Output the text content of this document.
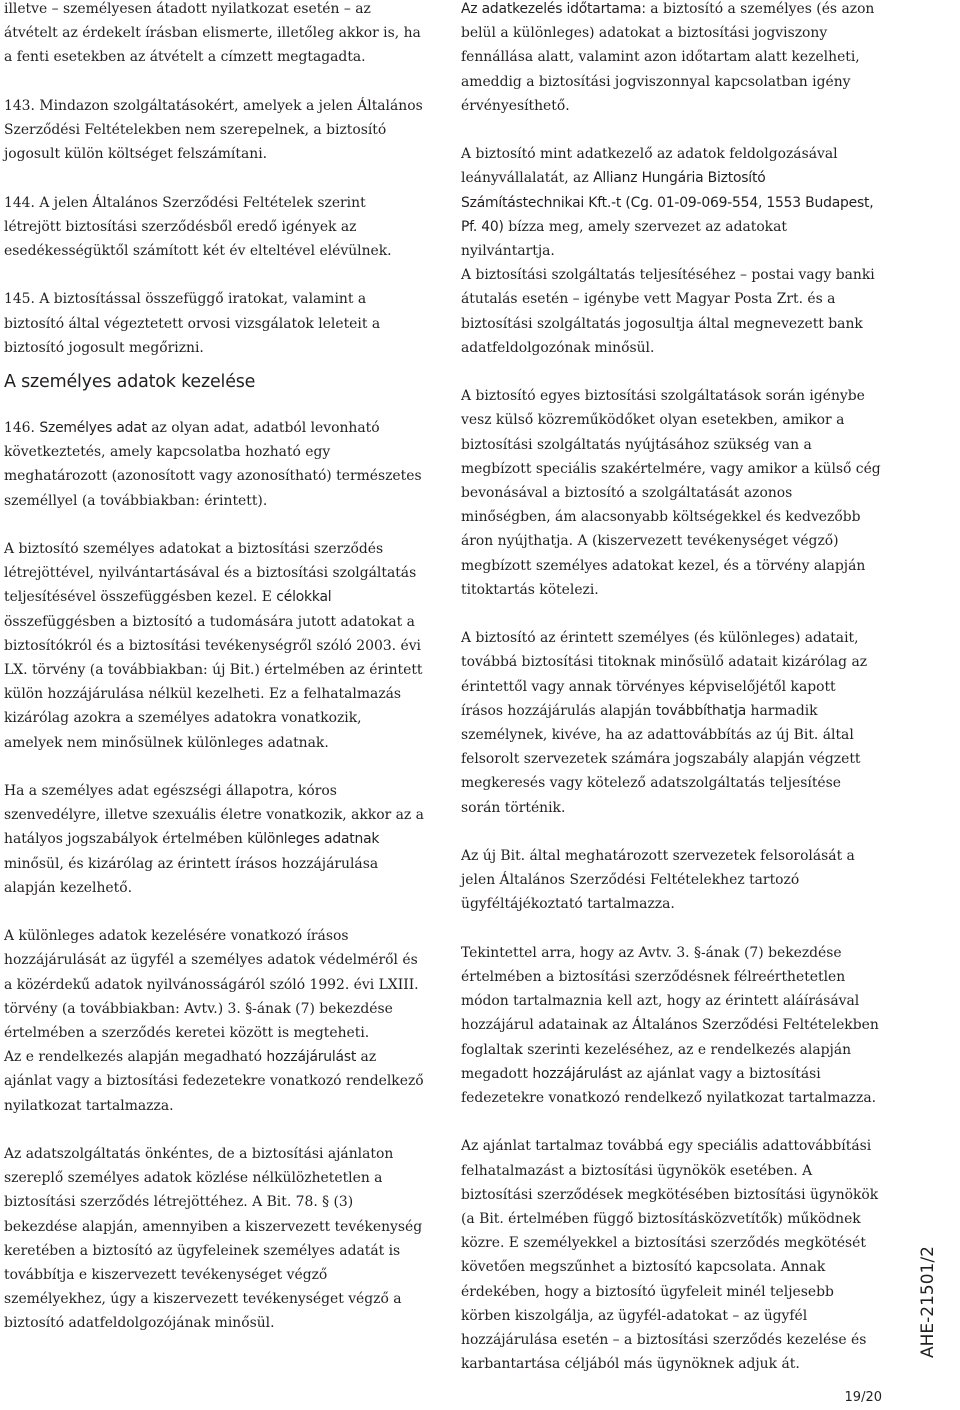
illetve – személyesen átadott nyilatkozat esetén – az átvételt az érdekelt írásban elismerte, illetőleg akkor is, ha a fenti esetekben az átvételt a címzett megtagadta.

143. Mindazon szolgáltatásokért, amelyek a jelen Általános Szerződési Feltételekben nem szerepelnek, a biztosító jogosult külön költséget felszámítani.

144. A jelen Általános Szerződési Feltételek szerint létrejött biztosítási szerződésből eredő igények az esedékességüktől számított két év elteltével elévülnek.

145. A biztosítással összefüggő iratokat, valamint a biztosító által végeztetett orvosi vizsgálatok leleteit a biztosító jogosult megőrizni.

A személyes adatok kezelése

146. Személyes adat az olyan adat, adatból levonható következtetés, amely kapcsolatba hozható egy meghatározott (azonosított vagy azonosítható) természetes személlyel (a továbbiakban: érintett).

A biztosító személyes adatokat a biztosítási szerződés létrejöttével, nyilvántartásával és a biztosítási szolgáltatás teljesítésével összefüggésben kezel. E célokkal összefüggésben a biztosító a tudomására jutott adatokat a biztosítókról és a biztosítási tevékenységről szóló 2003. évi LX. törvény (a továbbiakban: új Bit.) értelmében az érintett külön hozzájárulása nélkül kezelheti. Ez a felhatalmazás kizárólag azokra a személyes adatokra vonatkozik, amelyek nem minősülnek különleges adatnak.

Ha a személyes adat egészségi állapotra, kóros szenvedélyre, illetve szexuális életre vonatkozik, akkor az a hatályos jogszabályok értelmében különleges adatnak minősül, és kizárólag az érintett írásos hozzájárulása alapján kezelhető.

A különleges adatok kezelésére vonatkozó írásos hozzájárulását az ügyfél a személyes adatok védelméről és a közérdekű adatok nyilvánosságáról szóló 1992. évi LXIII. törvény (a továbbiakban: Avtv.) 3. §-ának (7) bekezdése értelmében a szerződés keretei között is megteheti.

Az e rendelkezés alapján megadható hozzájárulást az ajánlat vagy a biztosítási fedezetekre vonatkozó rendelkező nyilatkozat tartalmazza.

Az adatszolgáltatás önkéntes, de a biztosítási ajánlaton szereplő személyes adatok közlése nélkülözhetetlen a biztosítási szerződés létrejöttéhez. A Bit. 78. § (3) bekezdése alapján, amennyiben a kiszervezett tevékenység keretében a biztosító az ügyfeleinek személyes adatát is továbbítja e kiszervezett tevékenységet végző személyekhez, úgy a kiszervezett tevékenységet végző a biztosító adatfeldolgozójának minősül.

Az adatkezelés időtartama: a biztosító a személyes (és azon belül a különleges) adatokat a biztosítási jogviszony fennállása alatt, valamint azon időtartam alatt kezelheti, ameddig a biztosítási jogviszonnyal kapcsolatban igény érvényesíthető.

A biztosító mint adatkezelő az adatok feldolgozásával leányvállalatát, az Allianz Hungária Biztosító Számítástechnikai Kft.-t (Cg. 01-09-069-554, 1553 Budapest, Pf. 40) bízza meg, amely szervezet az adatokat nyilvántartja.

A biztosítási szolgáltatás teljesítéséhez – postai vagy banki átutalás esetén – igénybe vett Magyar Posta Zrt. és a biztosítási szolgáltatás jogosultja által megnevezett bank adatfeldolgozónak minősül.

A biztosító egyes biztosítási szolgáltatások során igénybe vesz külső közreműködőket olyan esetekben, amikor a biztosítási szolgáltatás nyújtásához szükség van a megbízott speciális szakértelmére, vagy amikor a külső cég bevonásával a biztosító a szolgáltatását azonos minőségben, ám alacsonyabb költségekkel és kedvezőbb áron nyújthatja. A (kiszervezett tevékenységet végző) megbízott személyes adatokat kezel, és a törvény alapján titoktartás kötelezi.

A biztosító az érintett személyes (és különleges) adatait, továbbá biztosítási titoknak minősülő adatait kizárólag az érintettől vagy annak törvényes képviselőjétől kapott írásos hozzájárulás alapján továbbíthatja harmadik személynek, kivéve, ha az adattovábbítás az új Bit. által felsorolt szervezetek számára jogszabály alapján végzett megkeresés vagy kötelező adatszolgáltatás teljesítése során történik.

Az új Bit. által meghatározott szervezetek felsorolását a jelen Általános Szerződési Feltételekhez tartozó ügyféltájékoztató tartalmazza.

Tekintettel arra, hogy az Avtv. 3. §-ának (7) bekezdése értelmében a biztosítási szerződésnek félreérthetetlen módon tartalmaznia kell azt, hogy az érintett aláírásával hozzájárul adatainak az Általános Szerződési Feltételekben foglaltak szerinti kezeléséhez, az e rendelkezés alapján megadott hozzájárulást az ajánlat vagy a biztosítási fedezetekre vonatkozó rendelkező nyilatkozat tartalmazza.

Az ajánlat tartalmaz továbbá egy speciális adattovábbítási felhatalmazást a biztosítási ügynökök esetében. A biztosítási szerződések megkötésében biztosítási ügynökök (a Bit. értelmében függő biztosításközvetítők) működnek közre. E személyekkel a biztosítási szerződés megkötését követően megszűnhet a biztosító kapcsolata. Annak érdekében, hogy a biztosító ügyfeleit minél teljesebb körben kiszolgálja, az ügyfél-adatokat – az ügyfél hozzájárulása esetén – a biztosítási szerződés kezelése és karbantartása céljából más ügynöknek adjuk át.

AHE-21501/2
19/20
